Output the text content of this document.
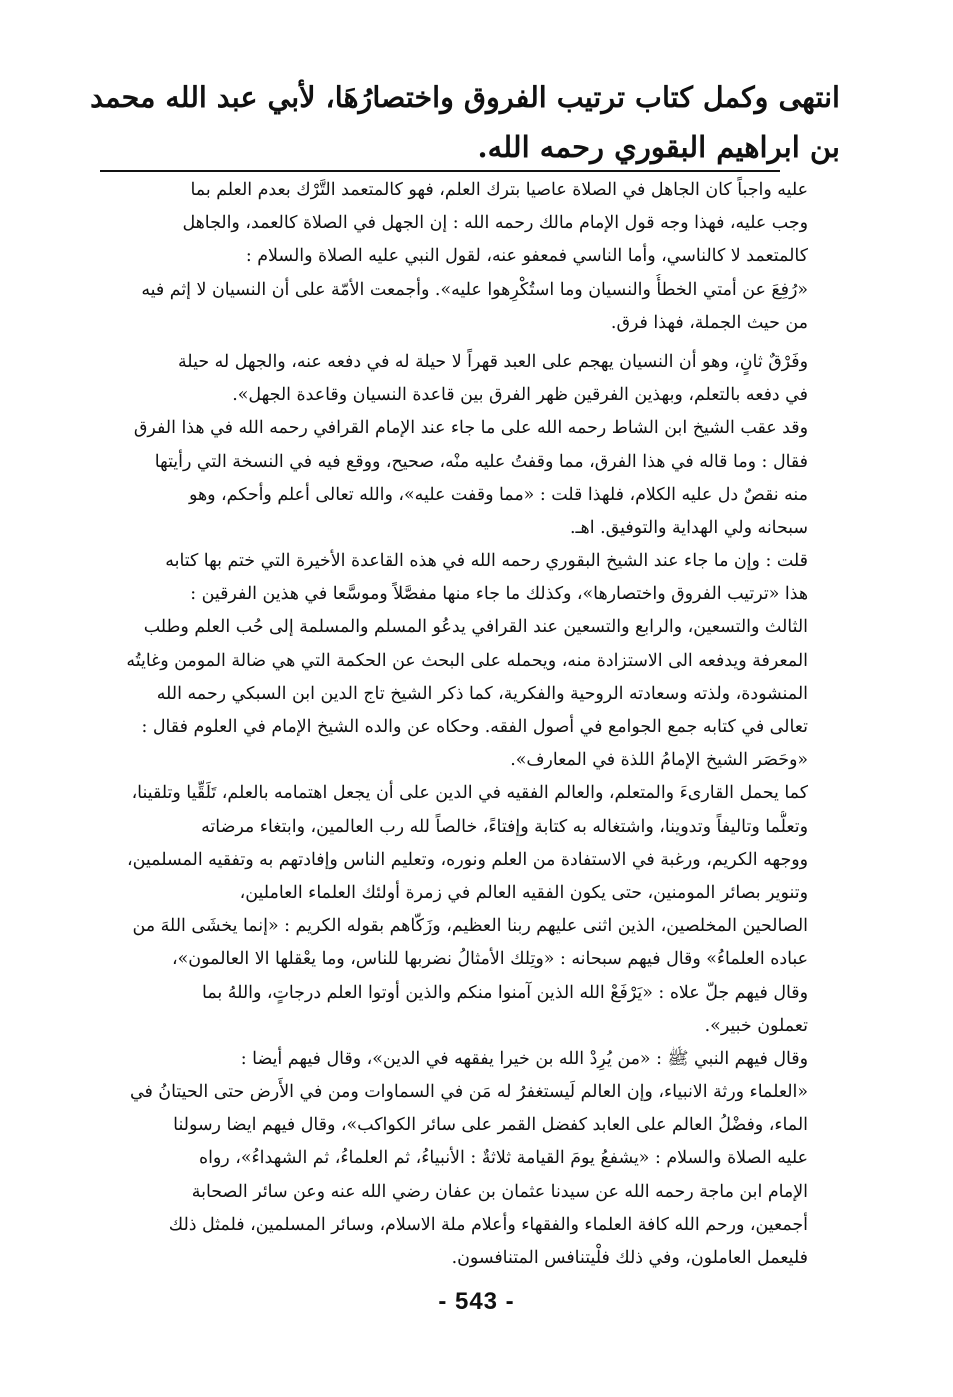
انتهى وكمل كتاب ترتيب الفروق واختصارُهَا، لأبي عبد الله محمد
بن ابراهيم البقوري رحمه الله.
عليه واجباً كان الجاهل في الصلاة عاصيا بترك العلم، فهو كالمتعمد التَّرْك بعدم العلم بما
وجب عليه، فهذا وجه قول الإمام مالك رحمه الله : إن الجهل في الصلاة كالعمد، والجاهل
كالمتعمد لا كالناسي، وأما الناسي فمعفو عنه، لقول النبي عليه الصلاة والسلام :
«رُفِعَ عن أمتي الخطأُ والنسيان وما استُكْرِهوا عليه». وأجمعت الأمّة على أن النسيان لا إثم فيه
من حيث الجملة، فهذا فرق.
وفَرْقٌ ثانٍ، وهو أن النسيان يهجم على العبد قهراً لا حيلة له في دفعه عنه، والجهل له حيلة
في دفعه بالتعلم، وبهذين الفرقين ظهر الفرق بين قاعدة النسيان وقاعدة الجهل».
وقد عقب الشيخ ابن الشاط رحمه الله على ما جاء عند الإمام القرافي رحمه الله في هذا الفرق
فقال : وما قاله في هذا الفرق، مما وقفتُ عليه منْه، صحيح، ووقع فيه في النسخة التي رأيتها
منه نقصٌ دل عليه الكلام، فلهذا قلت : «مما وقفت عليه»، والله تعالى أعلم وأحكم، وهو
سبحانه ولي الهداية والتوفيق. اهـ.
قلت : وإن ما جاء عند الشيخ البقوري رحمه الله في هذه القاعدة الأخيرة التي ختم بها كتابه
هذا «ترتيب الفروق واختصارها»، وكذلك ما جاء منها مفصَّلاً وموسَّعا في هذين الفرقين :
الثالث والتسعين، والرابع والتسعين عند القرافي يدعُو المسلم والمسلمة إلى حُب العلم وطلب
المعرفة ويدفعه الى الاستزادة منه، ويحمله على البحث عن الحكمة التي هي ضالة المومن وغايتُه
المنشودة، ولذته وسعادته الروحية والفكرية، كما ذكر الشيخ تاج الدين ابن السبكي رحمه الله
تعالى في كتابه جمع الجوامع في أصول الفقه. وحكاه عن والده الشيخ الإمام في العلوم فقال :
«وحَصَر الشيخ الإمامُ اللذة في المعارف».
كما يحمل القارىءَ والمتعلم، والعالم الفقيه في الدين على أن يجعل اهتمامه بالعلم، تَلَقِّيا وتلقينا،
وتعلُّما وتاليفاً وتدوينا، واشتغاله به كتابة وإفتاءً، خالصاً لله رب العالمين، وابتغاء مرضاته
ووجهه الكريم، ورغبة في الاستفادة من العلم ونوره، وتعليم الناس وإفادتهم به وتفقيه المسلمين،
وتنوير بصائر المومنين، حتى يكون الفقيه العالم في زمرة أولئك العلماء العاملين،
الصالحين المخلصين، الذين اثنى عليهم ربنا العظيم، وزَكّاهم بقوله الكريم : «إنما يخشَى اللهَ من
عباده العلماءُ» وقال فيهم سبحانه : «وتِلك الأمثالُ نضربها للناس، وما يعْقلها الا العالمون»،
وقال فيهم جلّ علاه : «يَرْفَعْ الله الذين آمنوا منكم والذين أوتوا العلم درجاتٍ، واللهُ بما
تعملون خبير».
وقال فيهم النبي ﷺ : «من يُرِدْ الله بن خيرا يفقهه في الدين»، وقال فيهم أيضا :
«العلماء ورثة الانبياء، وإن العالم لَيستغفرُ له مَن في السماوات ومن في الأَرض حتى الحيتانُ في
الماء، وفضْلُ العالم على العابد كفضل القمر على سائر الكواكب»، وقال فيهم ايضا رسولنا
عليه الصلاة والسلام : «يشفعُ يومَ القيامة ثلاثةٌ : الأنبياءُ، ثم العلماءُ، ثم الشهداءُ»، رواه
الإمام ابن ماجة رحمه الله عن سيدنا عثمان بن عفان رضي الله عنه وعن سائر الصحابة
أجمعين، ورحم الله كافة العلماء والفقهاء وأعلام ملة الاسلام، وسائر المسلمين، فلمثل ذلك
فليعمل العاملون، وفي ذلك فلْيتنافس المتنافسون.
- 543 -
